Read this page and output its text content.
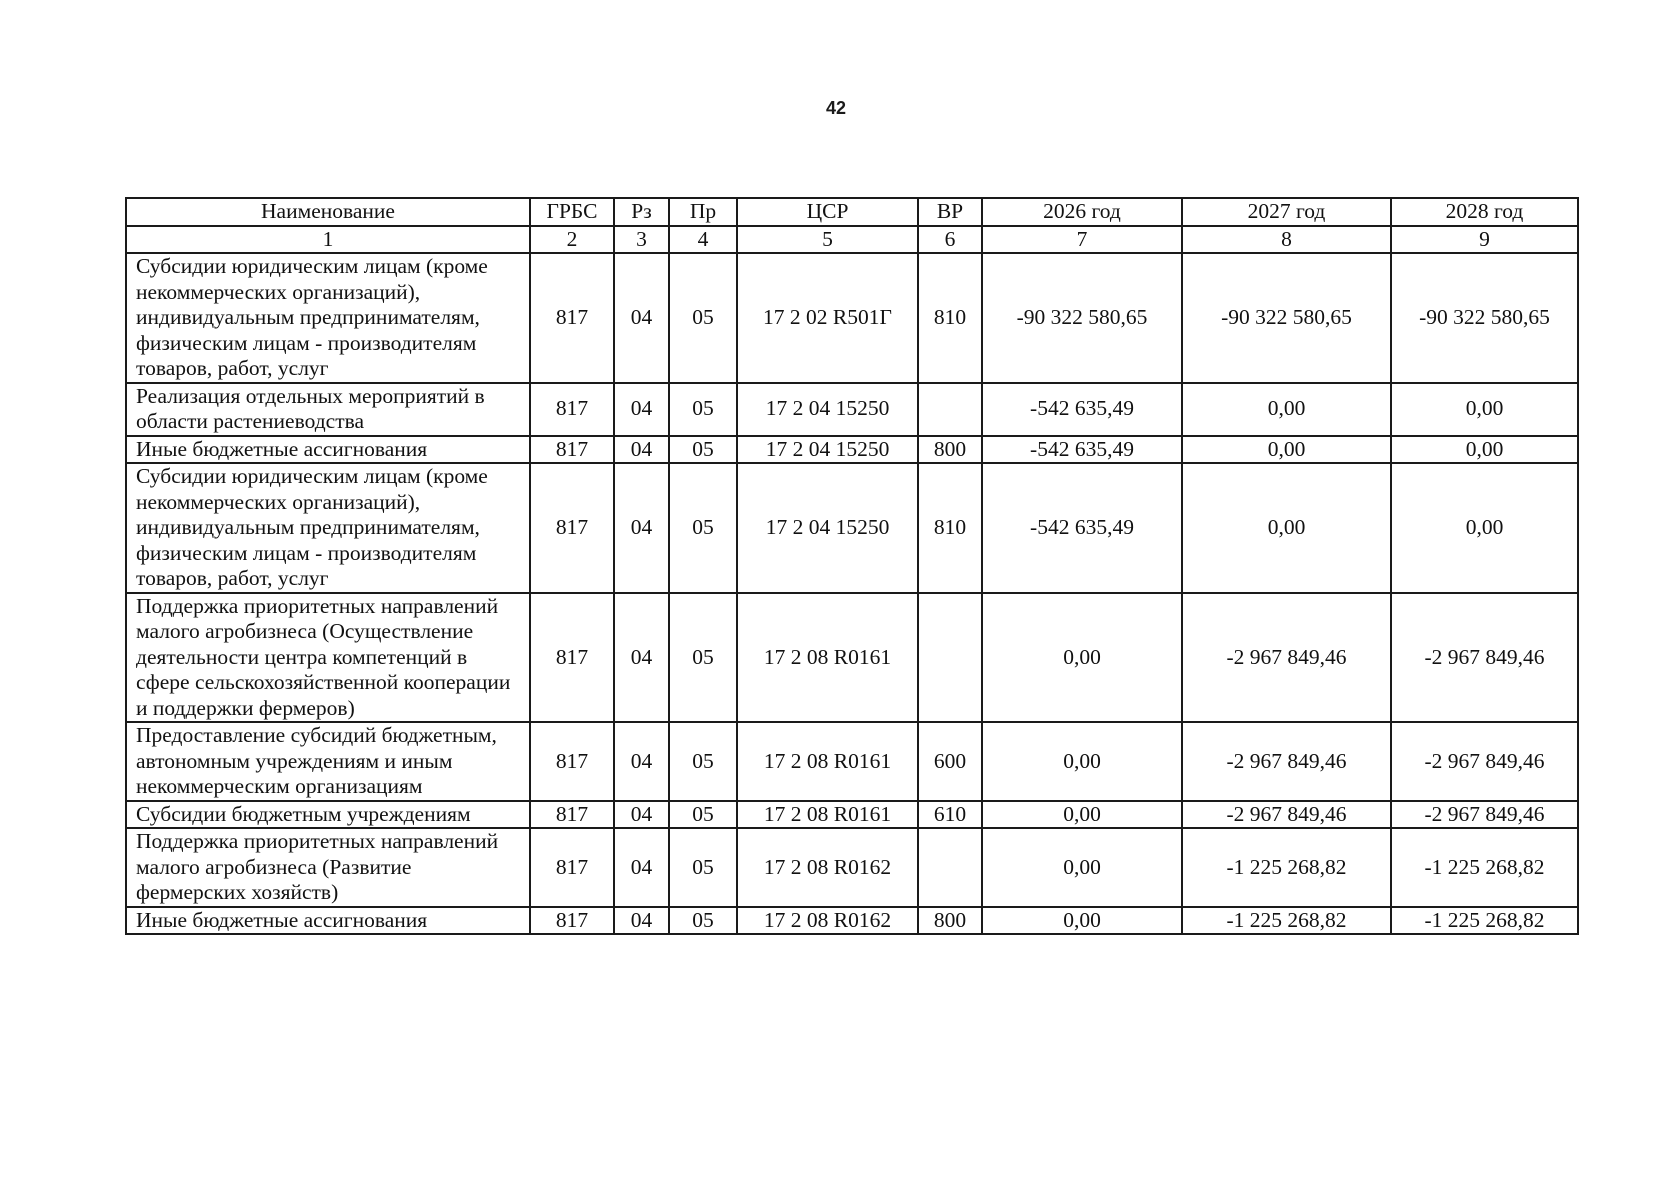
42
Наименование	ГРБС	Рз	Пр	ЦСР	ВР	2026 год	2027 год	2028 год
1	2	3	4	5	6	7	8	9
Субсидии юридическим лицам (кроме некоммерческих организаций), индивидуальным предпринимателям, физическим лицам - производителям товаров, работ, услуг	817	04	05	17 2 02 R501Г	810	-90 322 580,65	-90 322 580,65	-90 322 580,65
Реализация отдельных мероприятий в области растениеводства	817	04	05	17 2 04 15250		-542 635,49	0,00	0,00
Иные бюджетные ассигнования	817	04	05	17 2 04 15250	800	-542 635,49	0,00	0,00
Субсидии юридическим лицам (кроме некоммерческих организаций), индивидуальным предпринимателям, физическим лицам - производителям товаров, работ, услуг	817	04	05	17 2 04 15250	810	-542 635,49	0,00	0,00
Поддержка приоритетных направлений малого агробизнеса (Осуществление деятельности центра компетенций в сфере сельскохозяйственной кооперации и поддержки фермеров)	817	04	05	17 2 08 R0161		0,00	-2 967 849,46	-2 967 849,46
Предоставление субсидий бюджетным, автономным учреждениям и иным некоммерческим организациям	817	04	05	17 2 08 R0161	600	0,00	-2 967 849,46	-2 967 849,46
Субсидии бюджетным учреждениям	817	04	05	17 2 08 R0161	610	0,00	-2 967 849,46	-2 967 849,46
Поддержка приоритетных направлений малого агробизнеса (Развитие фермерских хозяйств)	817	04	05	17 2 08 R0162		0,00	-1 225 268,82	-1 225 268,82
Иные бюджетные ассигнования	817	04	05	17 2 08 R0162	800	0,00	-1 225 268,82	-1 225 268,82
